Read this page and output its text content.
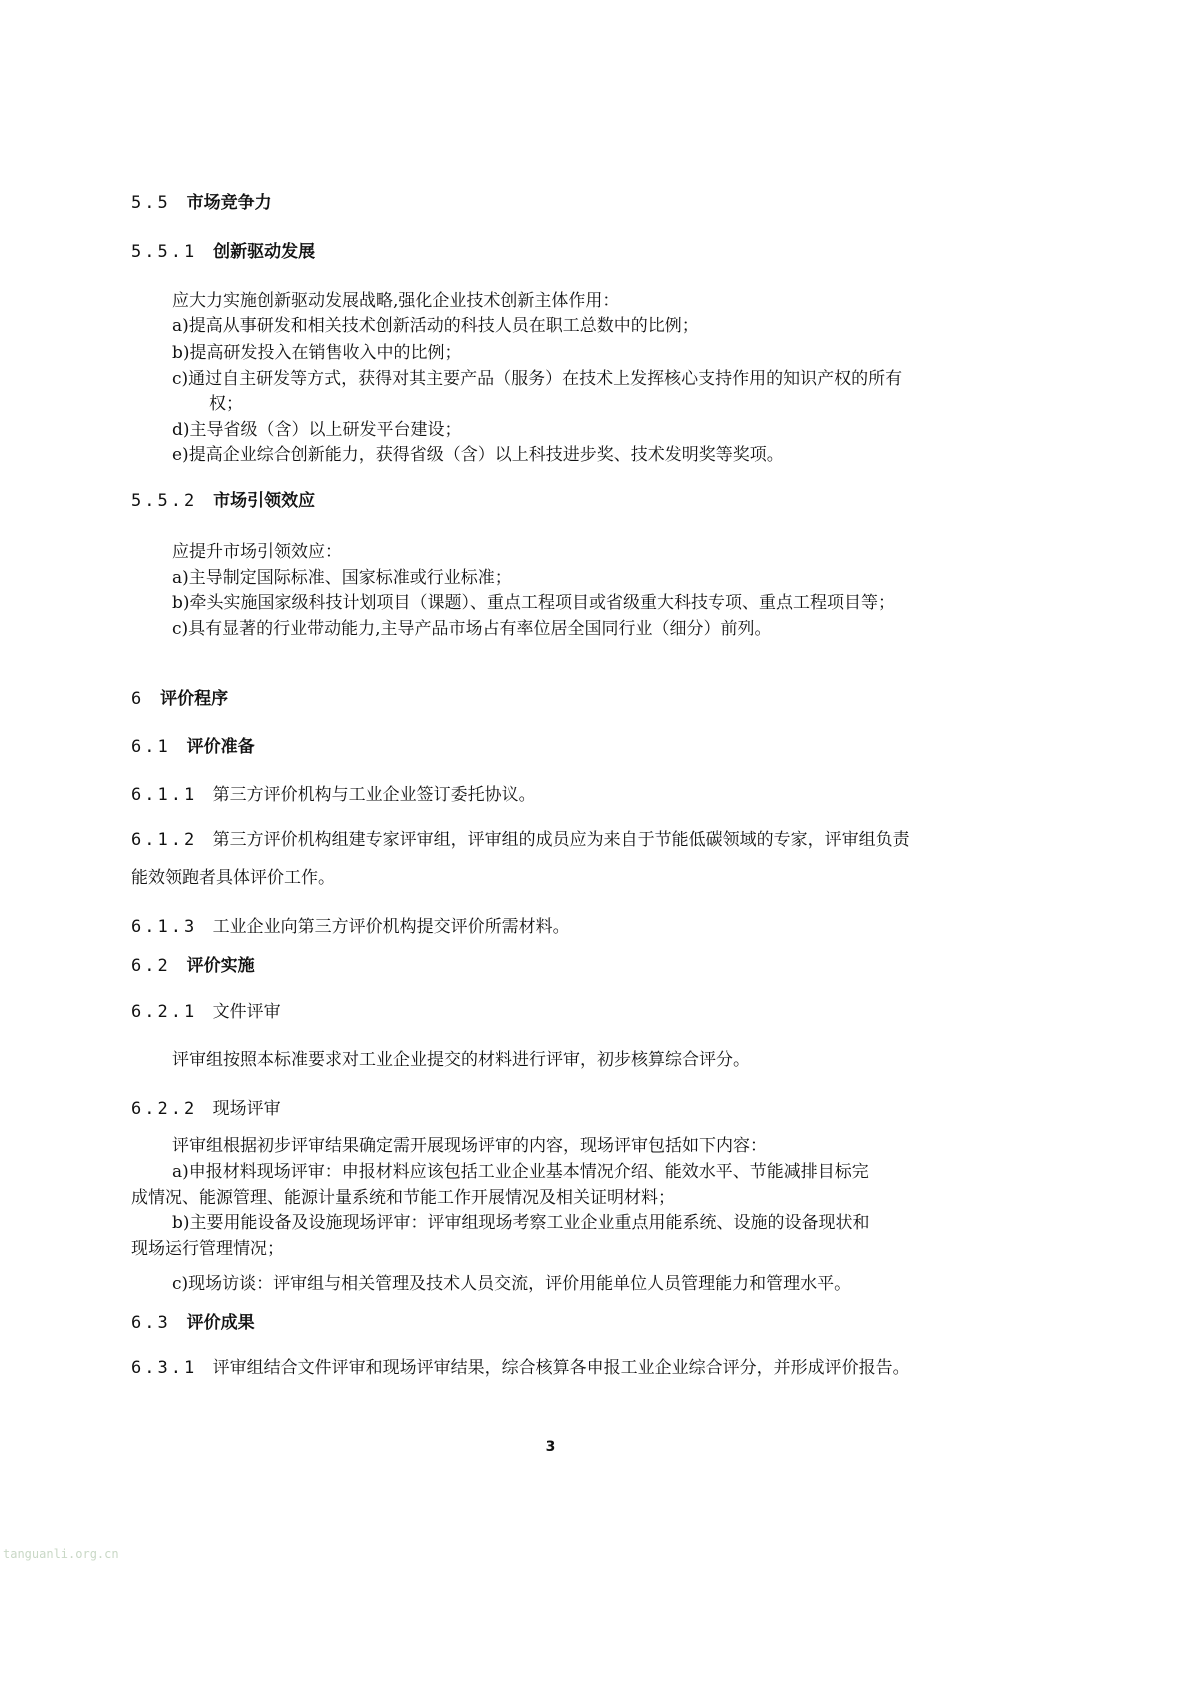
5.5 市场竞争力
5.5.1 创新驱动发展
应大力实施创新驱动发展战略,强化企业技术创新主体作用：
a)提高从事研发和相关技术创新活动的科技人员在职工总数中的比例；
b)提高研发投入在销售收入中的比例；
c)通过自主研发等方式，获得对其主要产品（服务）在技术上发挥核心支持作用的知识产权的所有
权；
d)主导省级（含）以上研发平台建设；
e)提高企业综合创新能力，获得省级（含）以上科技进步奖、技术发明奖等奖项。
5.5.2 市场引领效应
应提升市场引领效应：
a)主导制定国际标准、国家标准或行业标准；
b)牵头实施国家级科技计划项目（课题）、重点工程项目或省级重大科技专项、重点工程项目等；
c)具有显著的行业带动能力,主导产品市场占有率位居全国同行业（细分）前列。
6 评价程序
6.1 评价准备
6.1.1 第三方评价机构与工业企业签订委托协议。
6.1.2 第三方评价机构组建专家评审组，评审组的成员应为来自于节能低碳领域的专家，评审组负责
能效领跑者具体评价工作。
6.1.3 工业企业向第三方评价机构提交评价所需材料。
6.2 评价实施
6.2.1 文件评审
评审组按照本标准要求对工业企业提交的材料进行评审，初步核算综合评分。
6.2.2 现场评审
评审组根据初步评审结果确定需开展现场评审的内容，现场评审包括如下内容：
a)申报材料现场评审：申报材料应该包括工业企业基本情况介绍、能效水平、节能减排目标完
成情况、能源管理、能源计量系统和节能工作开展情况及相关证明材料；
b)主要用能设备及设施现场评审：评审组现场考察工业企业重点用能系统、设施的设备现状和
现场运行管理情况；
c)现场访谈：评审组与相关管理及技术人员交流，评价用能单位人员管理能力和管理水平。
6.3 评价成果
6.3.1 评审组结合文件评审和现场评审结果，综合核算各申报工业企业综合评分，并形成评价报告。
3
tanguanli.org.cn
